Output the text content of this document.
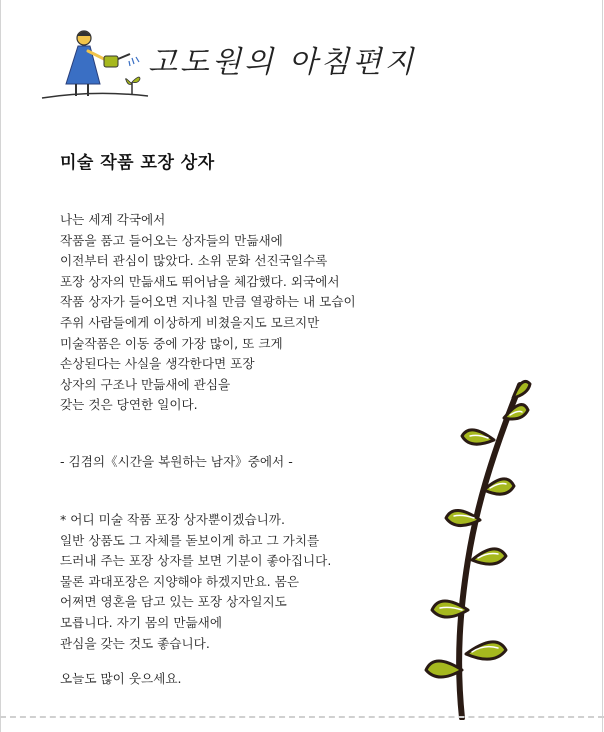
고도원의 아침편지
미술 작품 포장 상자
나는 세계 각국에서
작품을 품고 들어오는 상자들의 만듦새에
이전부터 관심이 많았다. 소위 문화 선진국일수록
포장 상자의 만듦새도 뛰어남을 체감했다. 외국에서
작품 상자가 들어오면 지나칠 만큼 열광하는 내 모습이
주위 사람들에게 이상하게 비쳤을지도 모르지만
미술작품은 이동 중에 가장 많이, 또 크게
손상된다는 사실을 생각한다면 포장
상자의 구조나 만듦새에 관심을
갖는 것은 당연한 일이다.
- 김겸의《시간을 복원하는 남자》중에서 -
* 어디 미술 작품 포장 상자뿐이겠습니까.
일반 상품도 그 자체를 돋보이게 하고 그 가치를
드러내 주는 포장 상자를 보면 기분이 좋아집니다.
물론 과대포장은 지양해야 하겠지만요. 몸은
어쩌면 영혼을 담고 있는 포장 상자일지도
모릅니다. 자기 몸의 만듦새에
관심을 갖는 것도 좋습니다.
오늘도 많이 웃으세요.
